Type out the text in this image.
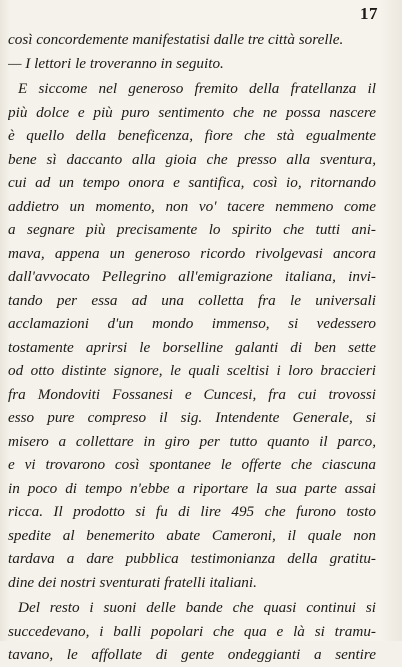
17
così concordemente manifestatisi dalle tre città sorelle.
— I lettori le troveranno in seguito.
E siccome nel generoso fremito della fratellanza il
più dolce e più puro sentimento che ne possa nascere
è quello della beneficenza, fiore che stà egualmente
bene sì daccanto alla gioia che presso alla sventura,
cui ad un tempo onora e santifica, così io, ritornando
addietro un momento, non vo' tacere nemmeno come
a segnare più precisamente lo spirito che tutti ani-
mava, appena un generoso ricordo rivolgevasi ancora
dall'avvocato Pellegrino all'emigrazione italiana, invi-
tando per essa ad una colletta fra le universali
acclamazioni d'un mondo immenso, si vedessero
tostamente aprirsi le borselline galanti di ben sette
od otto distinte signore, le quali sceltisi i loro braccieri
fra Mondoviti Fossanesi e Cuncesi, fra cui trovossi
esso pure compreso il sig. Intendente Generale, si
misero a collettare in giro per tutto quanto il parco,
e vi trovarono così spontanee le offerte che ciascuna
in poco di tempo n'ebbe a riportare la sua parte assai
ricca. Il prodotto si fu di lire 495 che furono tosto
spedite al benemerito abate Cameroni, il quale non
tardava a dare pubblica testimonianza della gratitu-
dine dei nostri sventurati fratelli italiani.
Del resto i suoni delle bande che quasi continui si
succedevano, i balli popolari che qua e là si tramu-
tavano, le affollate di gente ondeggianti a sentire
